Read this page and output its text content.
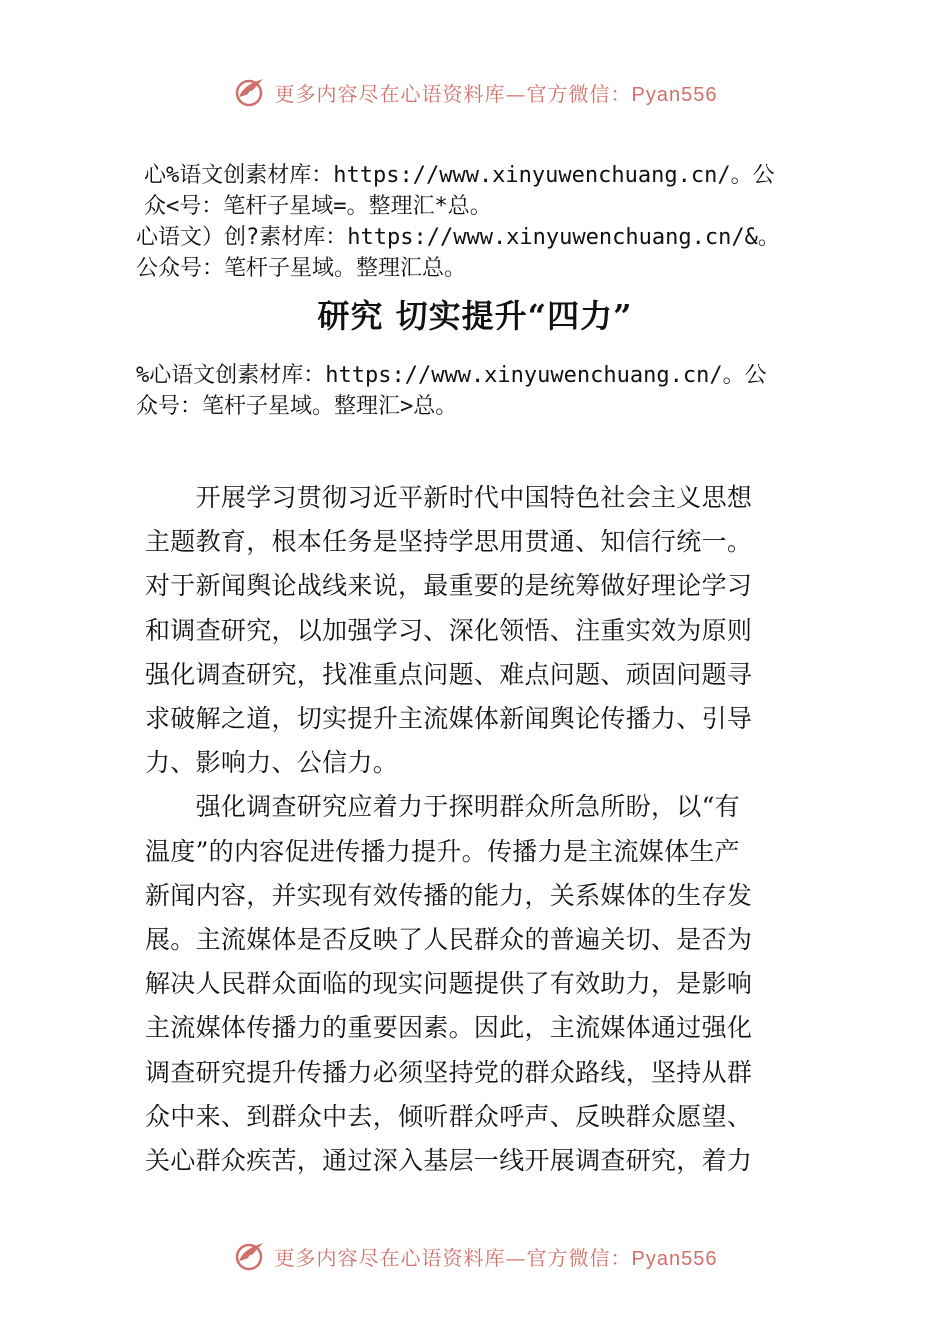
更多内容尽在心语资料库—官方微信：Pyan556
心%语文创素材库：https://www.xinyuwenchuang.cn/。公
众<号：笔杆子星域=。整理汇*总。
心语文）创?素材库：https://www.xinyuwenchuang.cn/&。
公众号：笔杆子星域。整理汇总。
研究 切实提升“四力”
%心语文创素材库：https://www.xinyuwenchuang.cn/。公
众号：笔杆子星域。整理汇>总。
　　开展学习贯彻习近平新时代中国特色社会主义思想
主题教育，根本任务是坚持学思用贯通、知信行统一。
对于新闻舆论战线来说，最重要的是统筹做好理论学习
和调查研究，以加强学习、深化领悟、注重实效为原则
强化调查研究，找准重点问题、难点问题、顽固问题寻
求破解之道，切实提升主流媒体新闻舆论传播力、引导
力、影响力、公信力。
　　强化调查研究应着力于探明群众所急所盼，以“有
温度”的内容促进传播力提升。传播力是主流媒体生产
新闻内容，并实现有效传播的能力，关系媒体的生存发
展。主流媒体是否反映了人民群众的普遍关切、是否为
解决人民群众面临的现实问题提供了有效助力，是影响
主流媒体传播力的重要因素。因此，主流媒体通过强化
调查研究提升传播力必须坚持党的群众路线，坚持从群
众中来、到群众中去，倾听群众呼声、反映群众愿望、
关心群众疾苦，通过深入基层一线开展调查研究，着力
更多内容尽在心语资料库—官方微信：Pyan556
